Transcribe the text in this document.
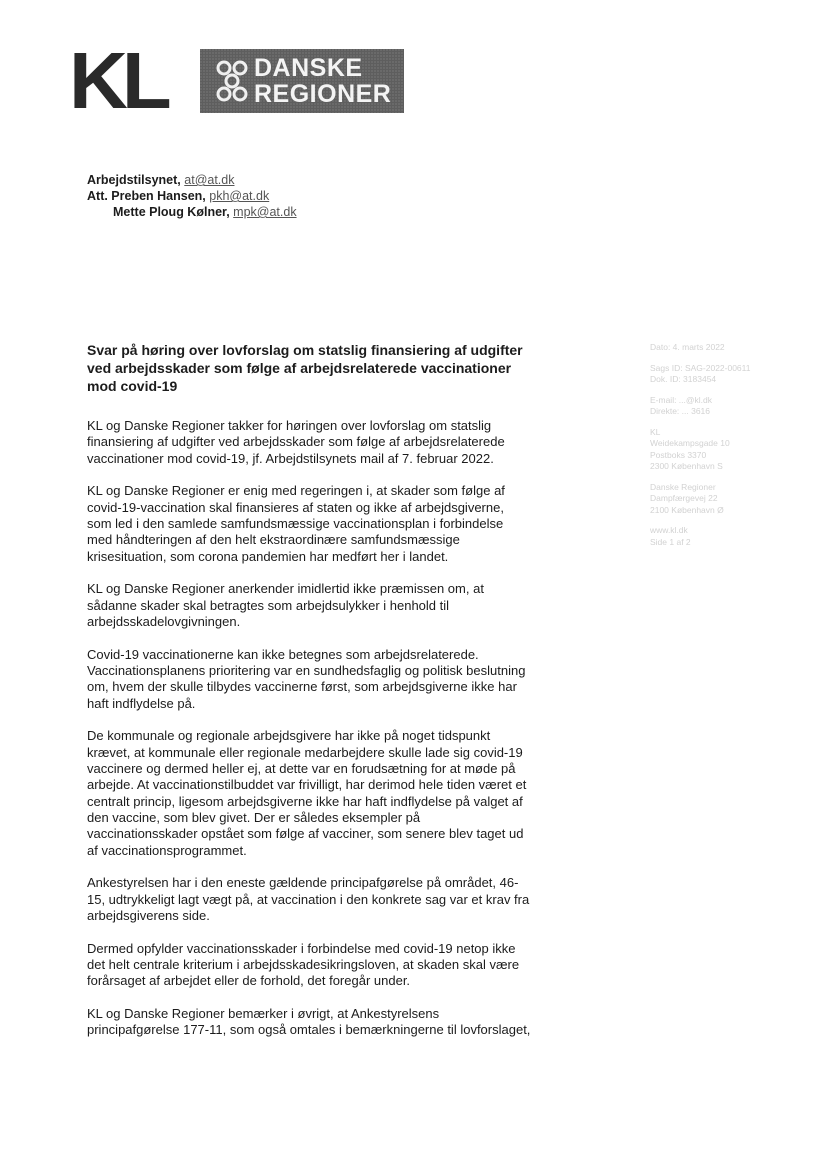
KL	DANSKE
REGIONER
Arbejdstilsynet, at@at.dk
Att. Preben Hansen, pkh@at.dk
Mette Ploug Kølner, mpk@at.dk
Svar på høring over lovforslag om statslig finansiering af udgifter ved arbejdsskader som følge af arbejdsrelaterede vaccinationer mod covid-19

KL og Danske Regioner takker for høringen over lovforslag om statslig finansiering af udgifter ved arbejdsskader som følge af arbejdsrelaterede vaccinationer mod covid-19, jf. Arbejdstilsynets mail af 7. februar 2022.

KL og Danske Regioner er enig med regeringen i, at skader som følge af covid-19-vaccination skal finansieres af staten og ikke af arbejdsgiverne, som led i den samlede samfundsmæssige vaccinationsplan i forbindelse med håndteringen af den helt ekstraordinære samfundsmæssige krisesituation, som corona pandemien har medført her i landet.

KL og Danske Regioner anerkender imidlertid ikke præmissen om, at sådanne skader skal betragtes som arbejdsulykker i henhold til arbejdsskadelovgivningen.

Covid-19 vaccinationerne kan ikke betegnes som arbejdsrelaterede. Vaccinationsplanens prioritering var en sundhedsfaglig og politisk beslutning om, hvem der skulle tilbydes vaccinerne først, som arbejdsgiverne ikke har haft indflydelse på.

De kommunale og regionale arbejdsgivere har ikke på noget tidspunkt krævet, at kommunale eller regionale medarbejdere skulle lade sig covid-19 vaccinere og dermed heller ej, at dette var en forudsætning for at møde på arbejde. At vaccinationstilbuddet var frivilligt, har derimod hele tiden været et centralt princip, ligesom arbejdsgiverne ikke har haft indflydelse på valget af den vaccine, som blev givet. Der er således eksempler på vaccinationsskader opstået som følge af vacciner, som senere blev taget ud af vaccinationsprogrammet.

Ankestyrelsen har i den eneste gældende principafgørelse på området, 46-15, udtrykkeligt lagt vægt på, at vaccination i den konkrete sag var et krav fra arbejdsgiverens side.

Dermed opfylder vaccinationsskader i forbindelse med covid-19 netop ikke det helt centrale kriterium i arbejdsskadesikringsloven, at skaden skal være forårsaget af arbejdet eller de forhold, det foregår under.

KL og Danske Regioner bemærker i øvrigt, at Ankestyrelsens principafgørelse 177-11, som også omtales i bemærkningerne til lovforslaget,

Dato: 4. marts 2022
Sags ID: SAG-2022-00611
Dok. ID: 3183454
E-mail: ...@kl.dk
Direkte: ... 3616
KL
Weidekampsgade 10
Postboks 3370
2300 København S
Danske Regioner
Dampfærgevej 22
2100 København Ø
www.kl.dk
Side 1 af 2
